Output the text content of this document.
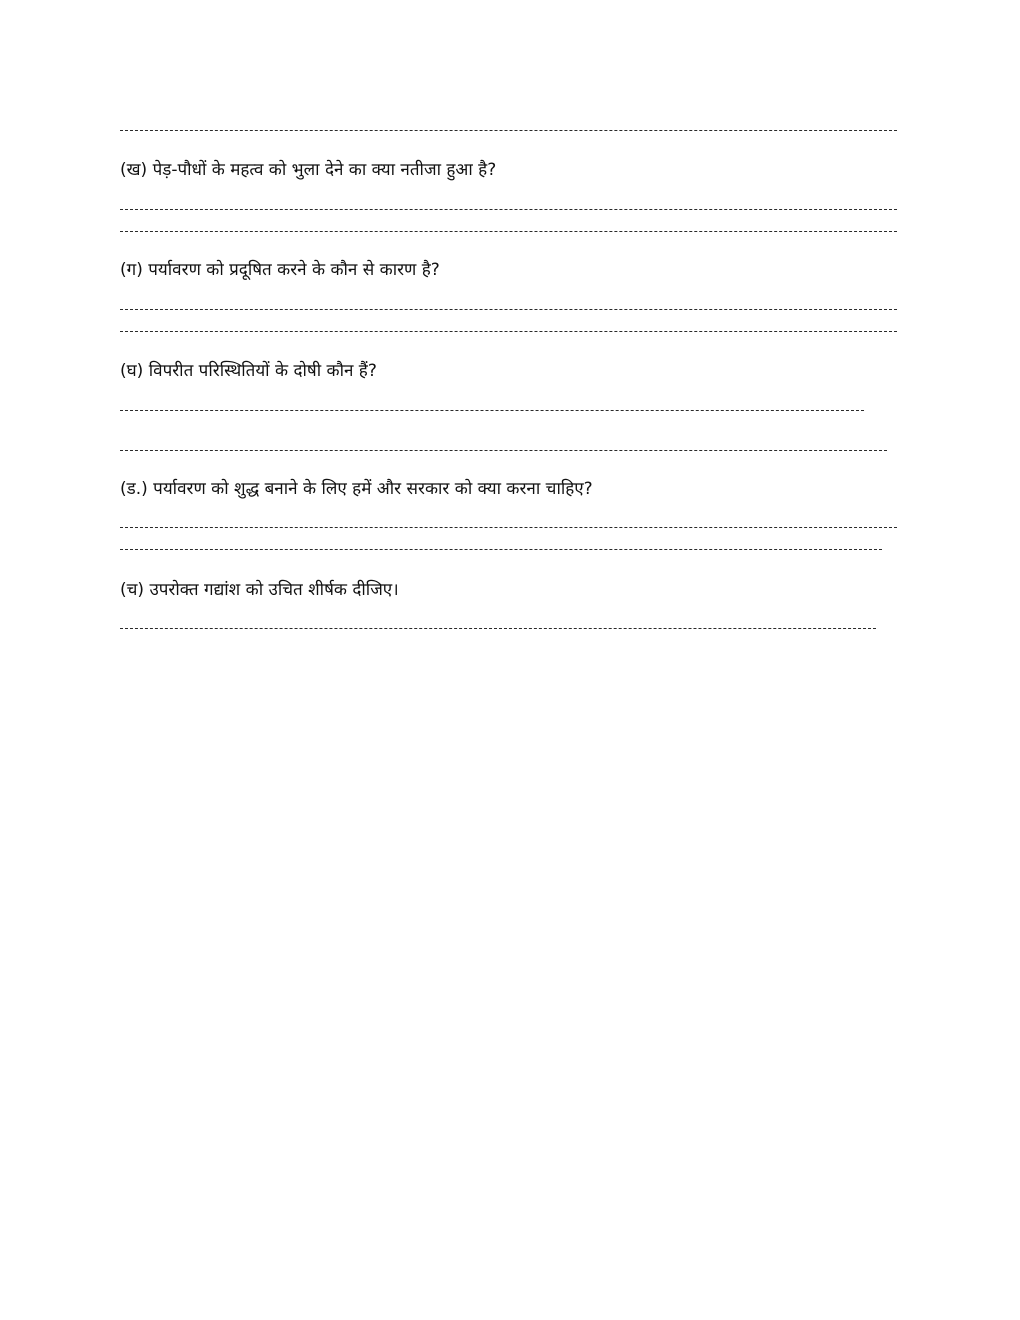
(ख) पेड़-पौधों के महत्व को भुला देने का क्या नतीजा हुआ है?
(ग) पर्यावरण को प्रदूषित करने के कौन से कारण है?
(घ) विपरीत परिस्थितियों के दोषी कौन हैं?
(ड.) पर्यावरण को शुद्ध बनाने के लिए हमें और सरकार को क्या करना चाहिए?
(च) उपरोक्त गद्यांश को उचित शीर्षक दीजिए।
